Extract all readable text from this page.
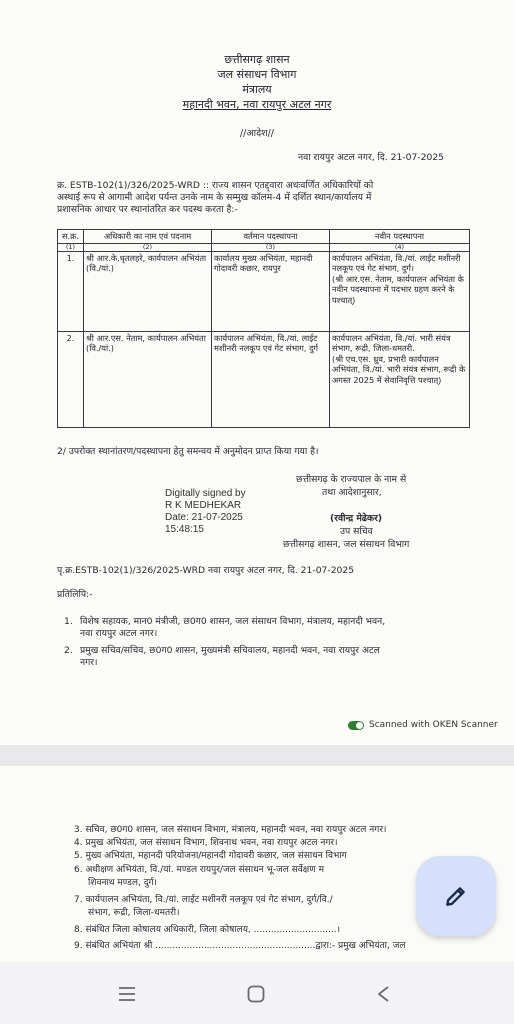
छत्तीसगढ़ शासन
जल संसाधन विभाग
मंत्रालय
महानदी भवन, नवा रायपुर अटल नगर
//आदेश//
नवा रायपुर अटल नगर, दि. 21-07-2025
क्र. ESTB-102(1)/326/2025-WRD :: राज्य शासन एतद्द्वारा अधःवर्णित अधिकारियों को
अस्थाई रूप से आगामी आदेश पर्यन्त उनके नाम के सम्मुख कॉलम-4 में दर्शित स्थान/कार्यालय में
प्रशासनिक आधार पर स्थानांतरित कर पदस्थ करता है:-
स.क्र.	अधिकारी का नाम एवं पदनाम	वर्तमान पदस्थापना	नवीन पदस्थापना
(1)	(2)	(3)	(4)
1.	श्री आर.के.धृतलहरे, कार्यपालन अभियंता (वि./यां.)	कार्यालय मुख्य अभियंता, महानदी गोदावरी कछार, रायपुर	कार्यपालन अभियंता, वि./यां. लाईट मशीनरी नलकूप एवं गेट संभाग, दुर्ग।
(श्री आर.एस. नेताम, कार्यपालन अभियंता के नवीन पदस्थापना में पदभार ग्रहण करने के पश्चात्)

2.	श्री आर.एस. नेताम, कार्यपालन अभियंता (वि./यां.)	कार्यपालन अभियंता, वि./यां. लाईट मशीनरी नलकूप एवं गेट संभाग, दुर्ग	कार्यपालन अभियंता, वि./यां. भारी संयंत्र संभाग, रूद्री, जिला-धमतरी.
(श्री एच.एस. ध्रुव, प्रभारी कार्यपालन अभियंता, वि./यां. भारी संयंत्र संभाग, रूद्री के अगस्त 2025 में सेवानिवृत्ति पश्चात्)
2/ उपरोक्त स्थानांतरण/पदस्थापना हेतु समन्वय में अनुमोदन प्राप्त किया गया है।
छत्तीसगढ़ के राज्यपाल के नाम से
तथा आदेशानुसार,
Digitally signed by
R K MEDHEKAR
Date: 21-07-2025
15:48:15
(रवीन्द्र मेढेकर)
उप सचिव
छत्तीसगढ़ शासन, जल संसाधन विभाग
पृ.क्र.ESTB-102(1)/326/2025-WRD नवा रायपुर अटल नगर, दि. 21-07-2025
प्रतिलिपि:-
1. विशेष सहायक, मान0 मंत्रीजी, छ0ग0 शासन, जल संसाधन विभाग, मंत्रालय, महानदी भवन,
नवा रायपुर अटल नगर।
2. प्रमुख सचिव/सचिव, छ0ग0 शासन, मुख्यमंत्री सचिवालय, महानदी भवन, नवा रायपुर अटल
नगर।
Scanned with OKEN Scanner
3. सचिव, छ0ग0 शासन, जल संसाधन विभाग, मंत्रालय, महानदी भवन, नवा रायपुर अटल नगर।
4. प्रमुख अभियंता, जल संसाधन विभाग, शिवनाथ भवन, नवा रायपुर अटल नगर।
5. मुख्य अभियंता, महानदी परियोजना/महानदी गोदावरी कछार, जल संसाधन विभाग
6. अधीक्षण अभियंता, वि./यां. मण्डल रायपुर/जल संसाधन भू-जल सर्वेक्षण म
शिवनाथ मण्डल, दुर्ग।
7. कार्यपालन अभियंता, वि./यां. लाईट मशीनरी नलकूप एवं गेट संभाग, दुर्ग/वि./
संभाग, रूद्री, जिला-धमतरी।
8. संबंधित जिला कोषालय अधिकारी, जिला कोषालय, .............................।
9. संबंधित अभियंता श्री ........................................................द्वारा:- प्रमुख अभियंता, जल
